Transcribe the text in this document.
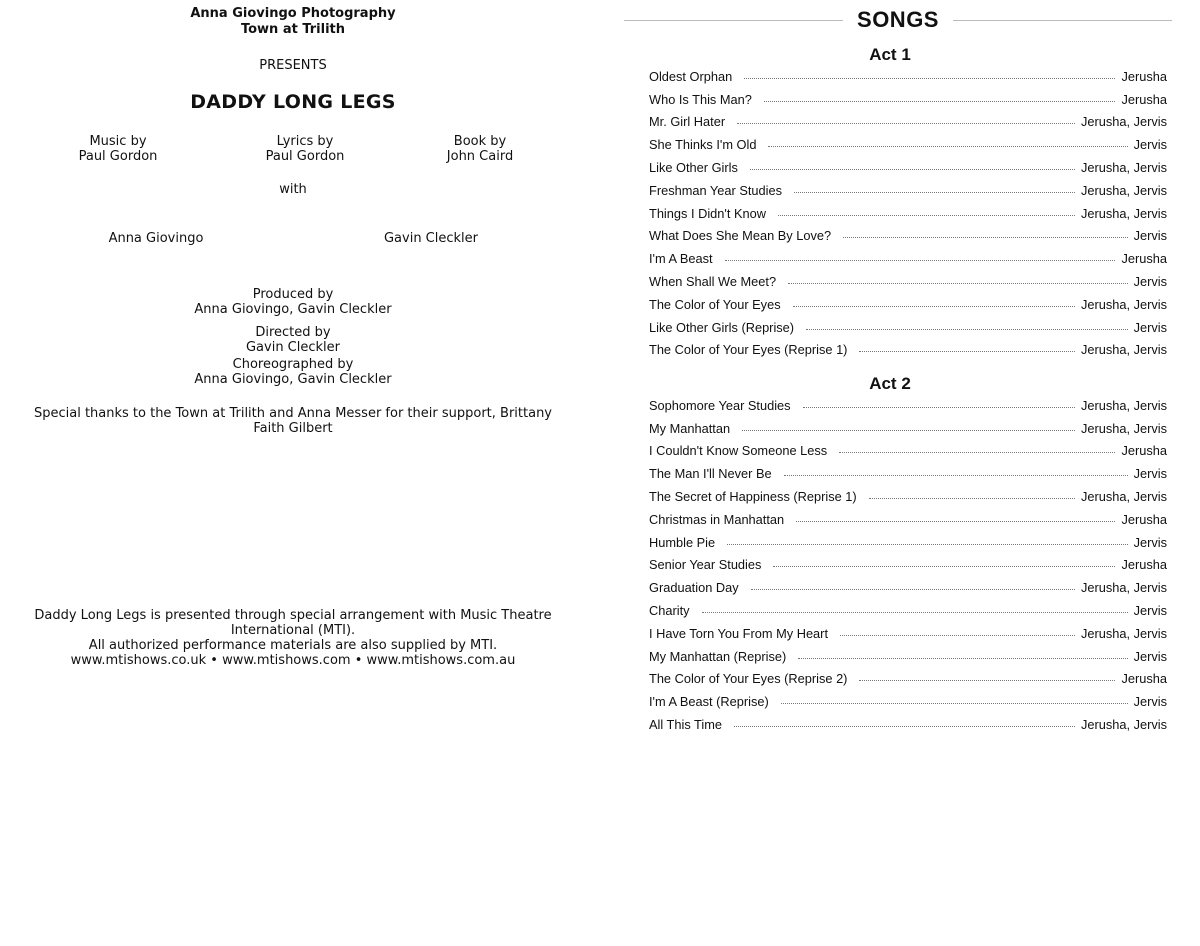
Anna Giovingo Photography
Town at Trilith
PRESENTS
DADDY LONG LEGS
Music by
Paul Gordon
Lyrics by
Paul Gordon
Book by
John Caird
with
Anna Giovingo	Gavin Cleckler
Produced by
Anna Giovingo, Gavin Cleckler
Directed by
Gavin Cleckler
Choreographed by
Anna Giovingo, Gavin Cleckler
Special thanks to the Town at Trilith and Anna Messer for their support, Brittany Faith Gilbert
Daddy Long Legs is presented through special arrangement with Music Theatre International (MTI).
All authorized performance materials are also supplied by MTI.
www.mtishows.co.uk • www.mtishows.com • www.mtishows.com.au
SONGS
Act 1
Oldest Orphan	Jerusha
Who Is This Man?	Jerusha
Mr. Girl Hater	Jerusha, Jervis
She Thinks I'm Old	Jervis
Like Other Girls	Jerusha, Jervis
Freshman Year Studies	Jerusha, Jervis
Things I Didn't Know	Jerusha, Jervis
What Does She Mean By Love?	Jervis
I'm A Beast	Jerusha
When Shall We Meet?	Jervis
The Color of Your Eyes	Jerusha, Jervis
Like Other Girls (Reprise)	Jervis
The Color of Your Eyes (Reprise 1)	Jerusha, Jervis
Act 2
Sophomore Year Studies	Jerusha, Jervis
My Manhattan	Jerusha, Jervis
I Couldn't Know Someone Less	Jerusha
The Man I'll Never Be	Jervis
The Secret of Happiness (Reprise 1)	Jerusha, Jervis
Christmas in Manhattan	Jerusha
Humble Pie	Jervis
Senior Year Studies	Jerusha
Graduation Day	Jerusha, Jervis
Charity	Jervis
I Have Torn You From My Heart	Jerusha, Jervis
My Manhattan (Reprise)	Jervis
The Color of Your Eyes (Reprise 2)	Jerusha
I'm A Beast (Reprise)	Jervis
All This Time	Jerusha, Jervis
